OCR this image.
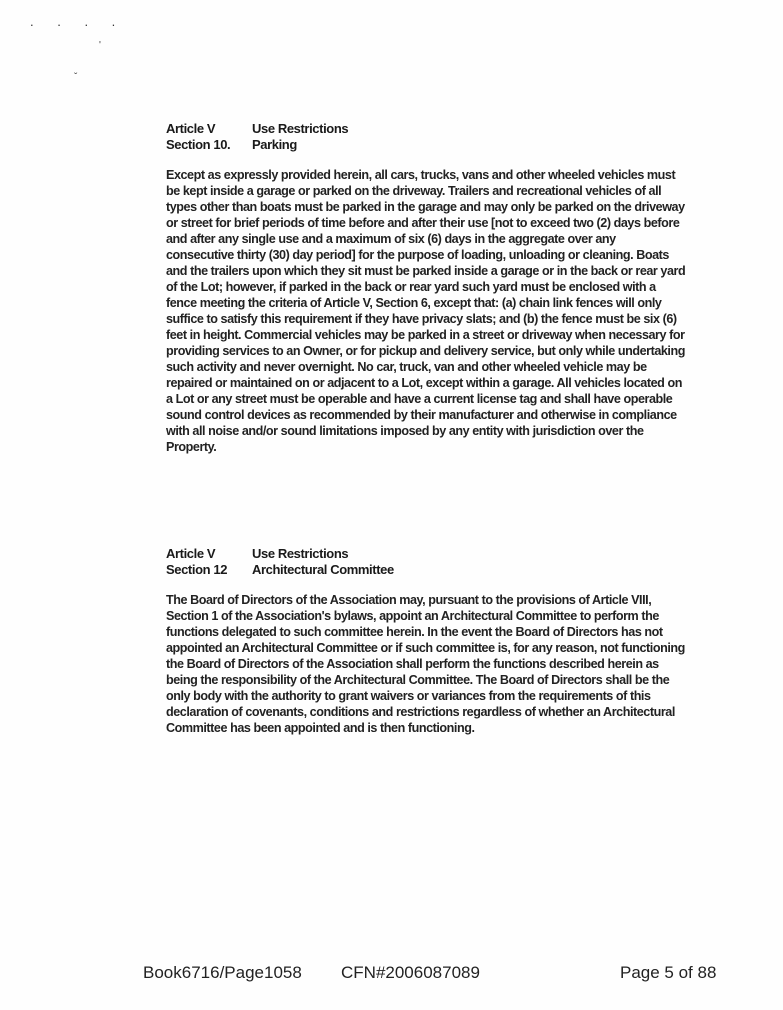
. . . .
'
ˇ
Article V	Use Restrictions
Section 10.	Parking
Except as expressly provided herein, all cars, trucks, vans and other wheeled vehicles must be kept inside a garage or parked on the driveway. Trailers and recreational vehicles of all types other than boats must be parked in the garage and may only be parked on the driveway or street for brief periods of time before and after their use [not to exceed two (2) days before and after any single use and a maximum of six (6) days in the aggregate over any consecutive thirty (30) day period] for the purpose of loading, unloading or cleaning. Boats and the trailers upon which they sit must be parked inside a garage or in the back or rear yard of the Lot; however, if parked in the back or rear yard such yard must be enclosed with a fence meeting the criteria of Article V, Section 6, except that: (a) chain link fences will only suffice to satisfy this requirement if they have privacy slats; and (b) the fence must be six (6) feet in height. Commercial vehicles may be parked in a street or driveway when necessary for providing services to an Owner, or for pickup and delivery service, but only while undertaking such activity and never overnight. No car, truck, van and other wheeled vehicle may be repaired or maintained on or adjacent to a Lot, except within a garage. All vehicles located on a Lot or any street must be operable and have a current license tag and shall have operable sound control devices as recommended by their manufacturer and otherwise in compliance with all noise and/or sound limitations imposed by any entity with jurisdiction over the Property.
Article V	Use Restrictions
Section 12	Architectural Committee
The Board of Directors of the Association may, pursuant to the provisions of Article VIII, Section 1 of the Association's bylaws, appoint an Architectural Committee to perform the functions delegated to such committee herein. In the event the Board of Directors has not appointed an Architectural Committee or if such committee is, for any reason, not functioning the Board of Directors of the Association shall perform the functions described herein as being the responsibility of the Architectural Committee. The Board of Directors shall be the only body with the authority to grant waivers or variances from the requirements of this declaration of covenants, conditions and restrictions regardless of whether an Architectural Committee has been appointed and is then functioning.
Book6716/Page1058 CFN#2006087089	Page 5 of 88
